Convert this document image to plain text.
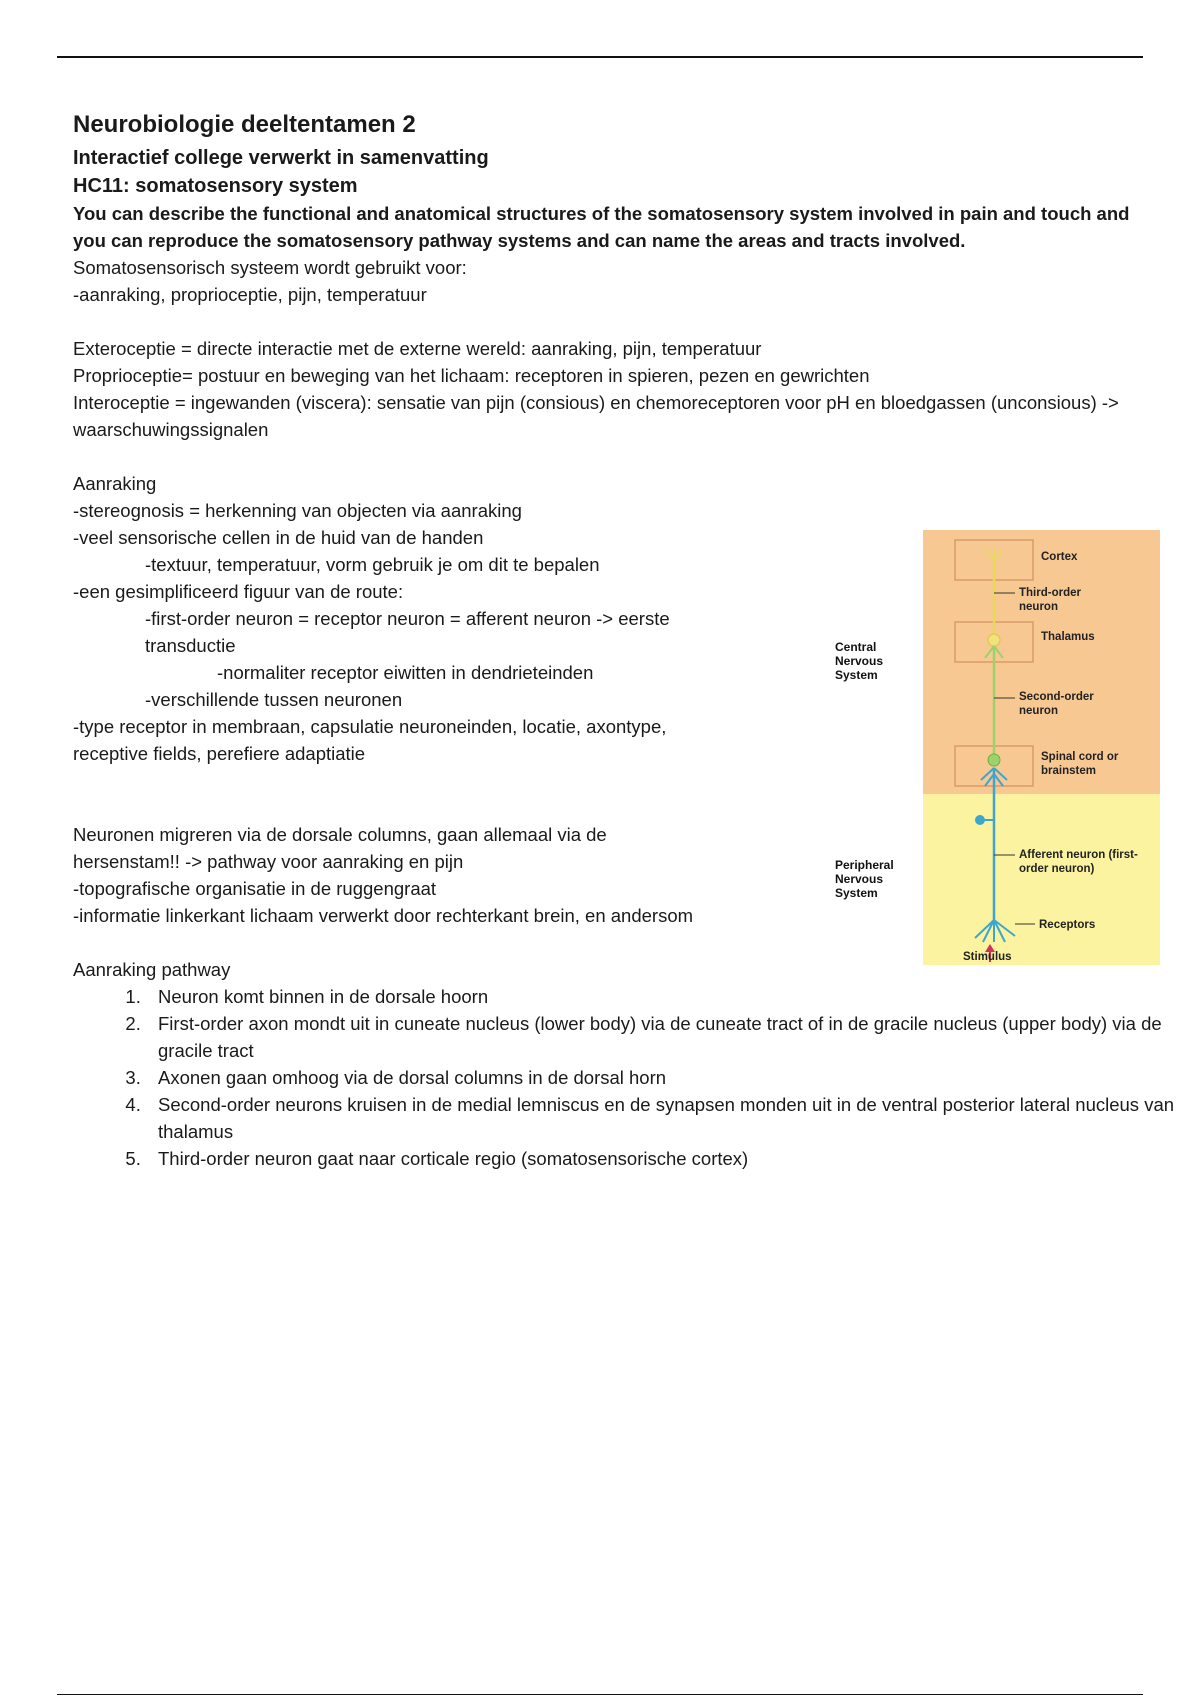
Neurobiologie deeltentamen 2
Interactief college verwerkt in samenvatting
HC11: somatosensory system
You can describe the functional and anatomical structures of the somatosensory system involved in pain and touch and you can reproduce the somatosensory pathway systems and can name the areas and tracts involved.
Somatosensorisch systeem wordt gebruikt voor:
-aanraking, proprioceptie, pijn, temperatuur
Exteroceptie = directe interactie met de externe wereld: aanraking, pijn, temperatuur
Proprioceptie= postuur en beweging van het lichaam: receptoren in spieren, pezen en gewrichten
Interoceptie = ingewanden (viscera): sensatie van pijn (consious) en chemoreceptoren voor pH en bloedgassen (unconsious) -> waarschuwingssignalen
Aanraking
-stereognosis = herkenning van objecten via aanraking
-veel sensorische cellen in de huid van de handen
-textuur, temperatuur, vorm gebruik je om dit te bepalen
-een gesimplificeerd figuur van de route:
-first-order neuron = receptor neuron = afferent neuron -> eerste
transductie
-normaliter receptor eiwitten in dendrieteinden
-verschillende tussen neuronen
-type receptor in membraan, capsulatie neuroneinden, locatie, axontype,
receptive fields, perefiere adaptiatie
Neuronen migreren via de dorsale columns, gaan allemaal via de
hersenstam!! -> pathway voor aanraking en pijn
-topografische organisatie in de ruggengraat
-informatie linkerkant lichaam verwerkt door rechterkant brein, en andersom
Aanraking pathway
1. Neuron komt binnen in de dorsale hoorn
2. First-order axon mondt uit in cuneate nucleus (lower body) via de cuneate tract of in de gracile nucleus (upper body) via de gracile tract
3. Axonen gaan omhoog via de dorsal columns in de dorsal horn
4. Second-order neurons kruisen in de medial lemniscus en de synapsen monden uit in de ventral posterior lateral nucleus van thalamus
5. Third-order neuron gaat naar corticale regio (somatosensorische cortex)
Central Nervous System
Peripheral Nervous System
Cortex
Third-order neuron
Thalamus
Second-order neuron
Spinal cord or brainstem
Afferent neuron (first-order neuron)
Receptors
Stimulus
